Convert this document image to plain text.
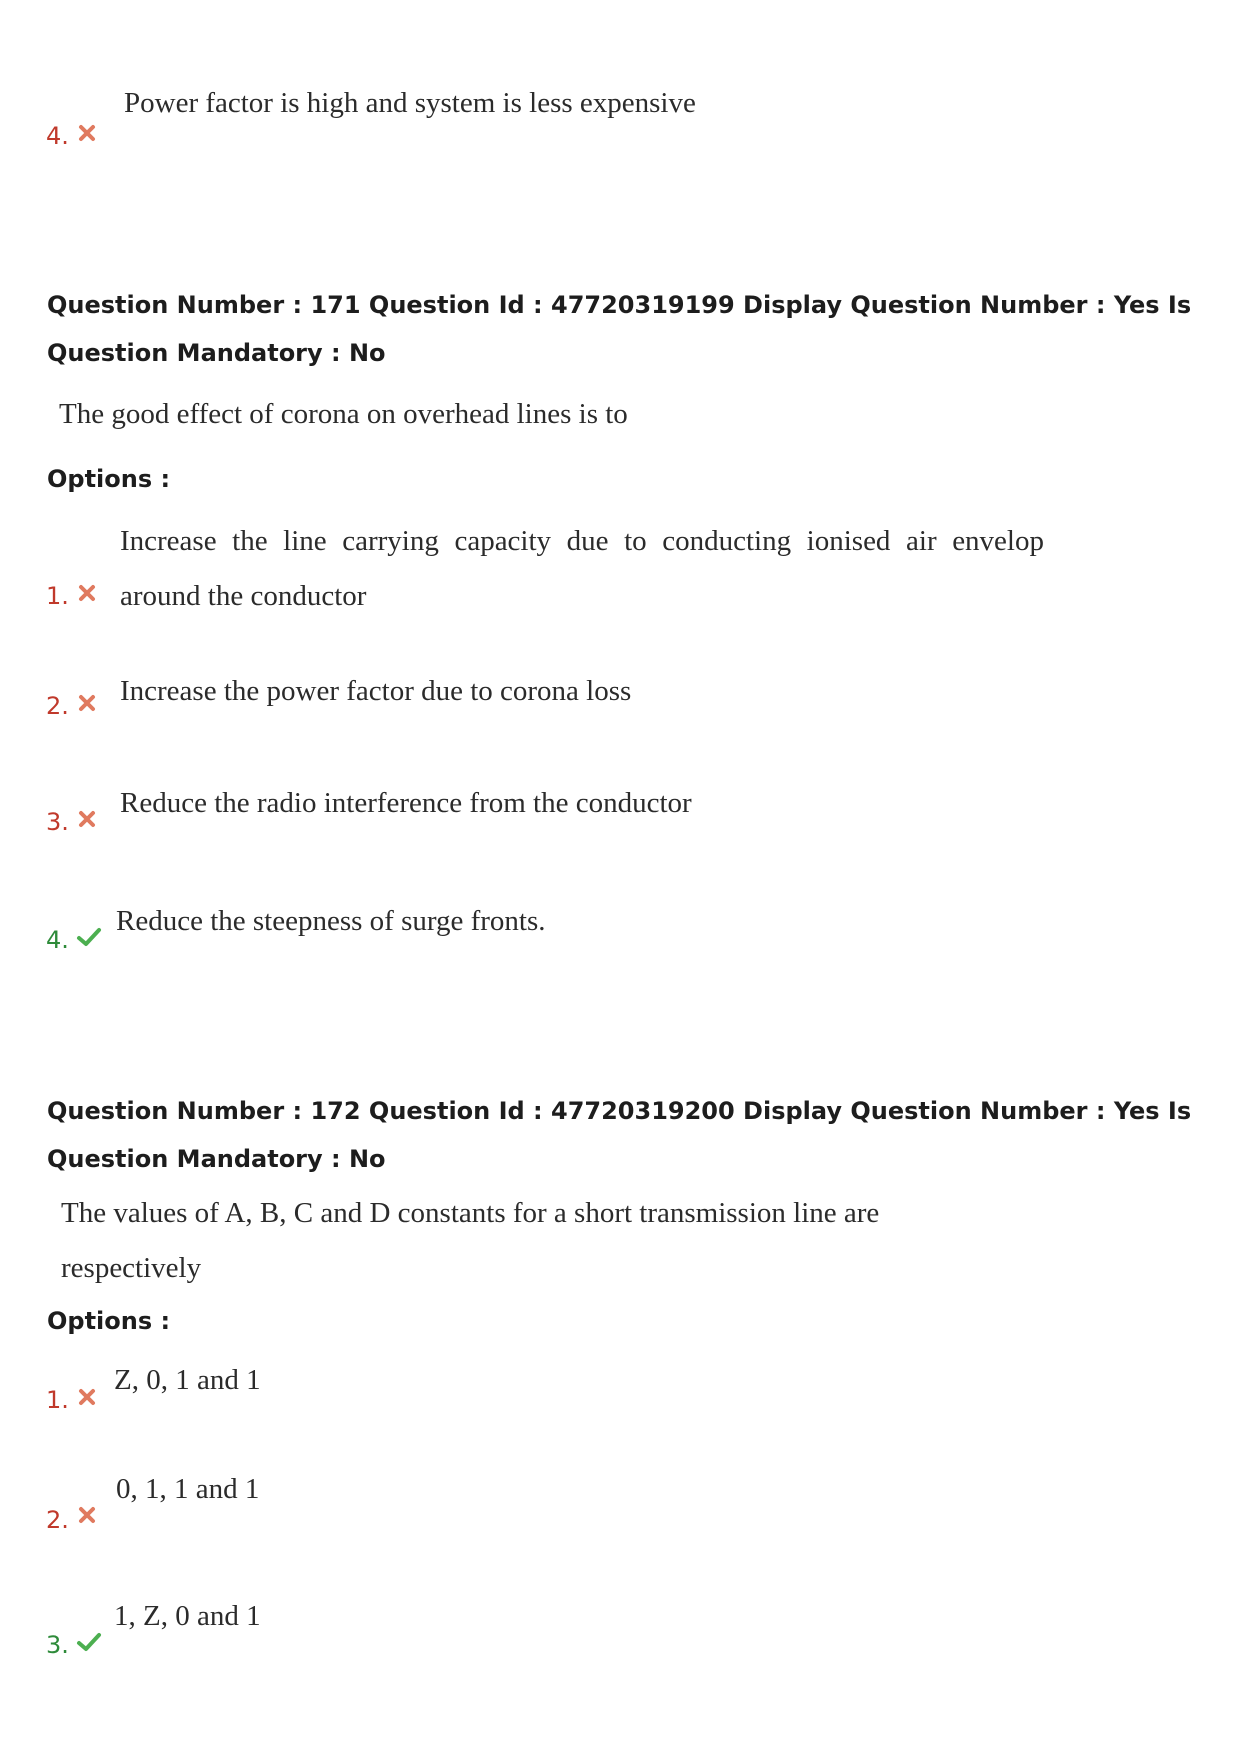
4.
Power factor is high and system is less expensive
Question Number : 171 Question Id : 47720319199 Display Question Number : Yes Is Question Mandatory : No
The good effect of corona on overhead lines is to
Options :
1.
Increase the line carrying capacity due to conducting ionised air envelop around the conductor
2. Increase the power factor due to corona loss
3.
Reduce the radio interference from the conductor
4.
Reduce the steepness of surge fronts.
Question Number : 172 Question Id : 47720319200 Display Question Number : Yes Is Question Mandatory : No
The values of A, B, C and D constants for a short transmission line are respectively
Options :
1.
Z, 0, 1 and 1
2.
0, 1, 1 and 1
3.
1, Z, 0 and 1
